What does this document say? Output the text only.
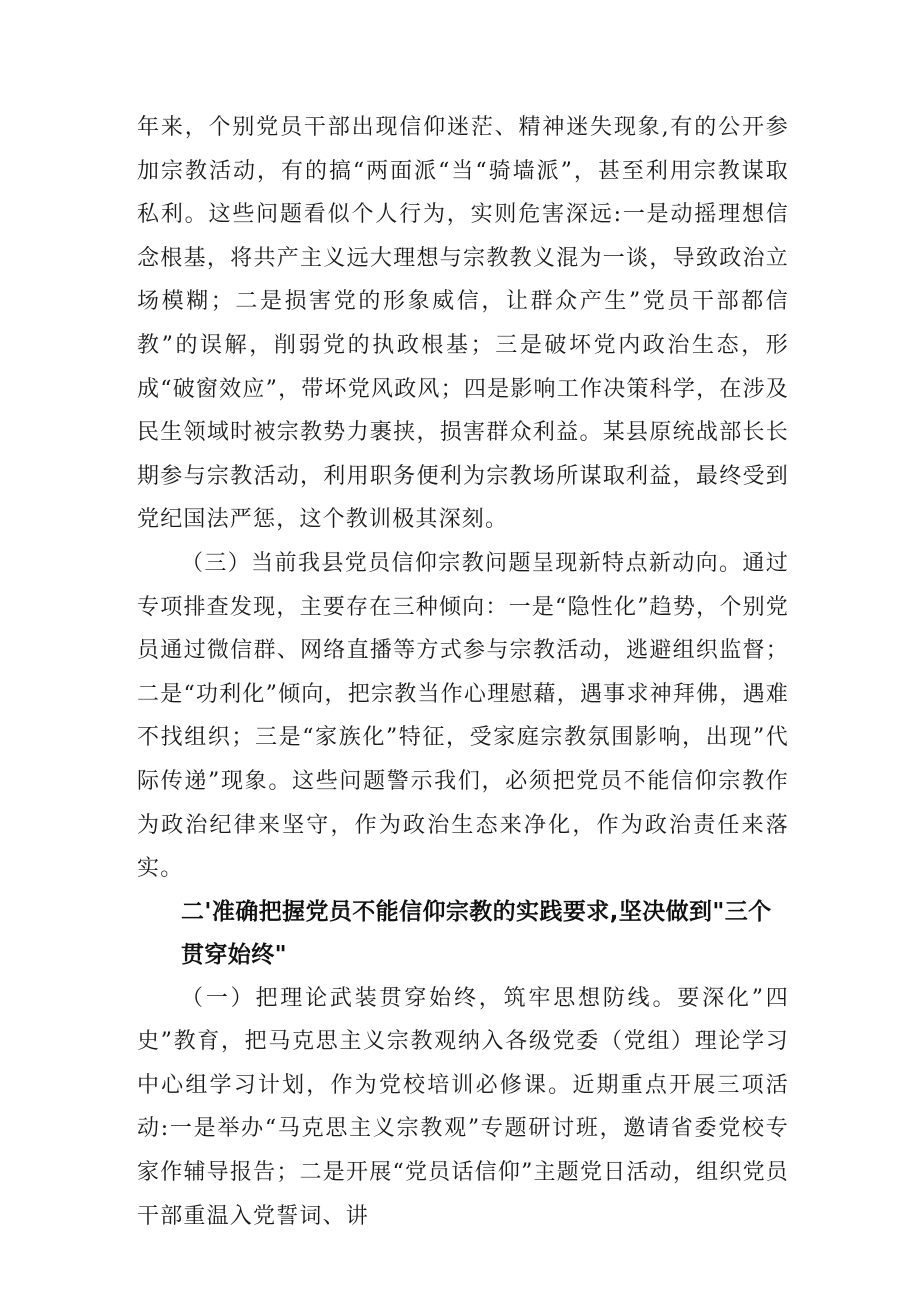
年来，个别党员干部出现信仰迷茫、精神迷失现象,有的公开参加宗教活动，有的搞“两面派“当“骑墙派”，甚至利用宗教谋取私利。这些问题看似个人行为，实则危害深远:一是动摇理想信念根基，将共产主义远大理想与宗教教义混为一谈，导致政治立场模糊；二是损害党的形象威信，让群众产生”党员干部都信教”的误解，削弱党的执政根基；三是破坏党内政治生态，形成“破窗效应”，带坏党风政风；四是影响工作决策科学，在涉及民生领域时被宗教势力裹挟，损害群众利益。某县原统战部长长期参与宗教活动，利用职务便利为宗教场所谋取利益，最终受到党纪国法严惩，这个教训极其深刻。

（三）当前我县党员信仰宗教问题呈现新特点新动向。通过专项排查发现，主要存在三种倾向：一是“隐性化”趋势，个别党员通过微信群、网络直播等方式参与宗教活动，逃避组织监督；二是“功利化”倾向，把宗教当作心理慰藉，遇事求神拜佛，遇难不找组织；三是“家族化”特征，受家庭宗教氛围影响，出现”代际传递”现象。这些问题警示我们，必须把党员不能信仰宗教作为政治纪律来坚守，作为政治生态来净化，作为政治责任来落实。

二'准确把握党员不能信仰宗教的实践要求,坚决做到"三个贯穿始终"

（一）把理论武装贯穿始终，筑牢思想防线。要深化”四史”教育，把马克思主义宗教观纳入各级党委（党组）理论学习中心组学习计划，作为党校培训必修课。近期重点开展三项活动:一是举办“马克思主义宗教观”专题研讨班，邀请省委党校专家作辅导报告；二是开展“党员话信仰”主题党日活动，组织党员干部重温入党誓词、讲
